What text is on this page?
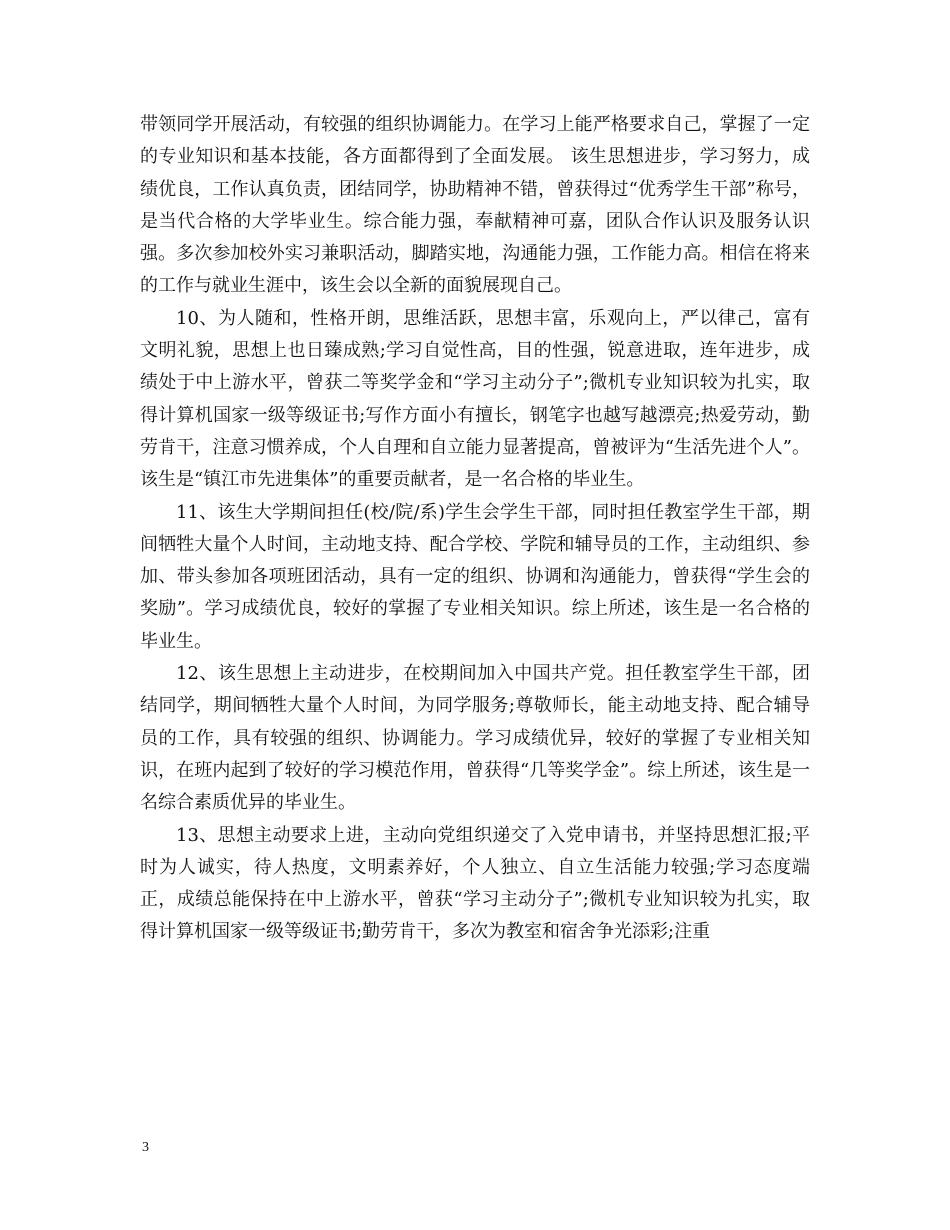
带领同学开展活动，有较强的组织协调能力。在学习上能严格要求自己，掌握了一定的专业知识和基本技能，各方面都得到了全面发展。 该生思想进步，学习努力，成绩优良，工作认真负责，团结同学，协助精神不错，曾获得过“优秀学生干部”称号，是当代合格的大学毕业生。综合能力强，奉献精神可嘉，团队合作认识及服务认识强。多次参加校外实习兼职活动，脚踏实地，沟通能力强，工作能力高。相信在将来的工作与就业生涯中，该生会以全新的面貌展现自己。

10、为人随和，性格开朗，思维活跃，思想丰富，乐观向上，严以律己，富有文明礼貌，思想上也日臻成熟;学习自觉性高，目的性强，锐意进取，连年进步，成绩处于中上游水平，曾获二等奖学金和“学习主动分子”;微机专业知识较为扎实，取得计算机国家一级等级证书;写作方面小有擅长，钢笔字也越写越漂亮;热爱劳动，勤劳肯干，注意习惯养成，个人自理和自立能力显著提高，曾被评为“生活先进个人”。该生是“镇江市先进集体”的重要贡献者，是一名合格的毕业生。

11、该生大学期间担任(校/院/系)学生会学生干部，同时担任教室学生干部，期间牺牲大量个人时间，主动地支持、配合学校、学院和辅导员的工作，主动组织、参加、带头参加各项班团活动，具有一定的组织、协调和沟通能力，曾获得“学生会的奖励”。学习成绩优良，较好的掌握了专业相关知识。综上所述，该生是一名合格的毕业生。

12、该生思想上主动进步，在校期间加入中国共产党。担任教室学生干部，团结同学，期间牺牲大量个人时间，为同学服务;尊敬师长，能主动地支持、配合辅导员的工作，具有较强的组织、协调能力。学习成绩优异，较好的掌握了专业相关知识，在班内起到了较好的学习模范作用，曾获得“几等奖学金”。综上所述，该生是一名综合素质优异的毕业生。

13、思想主动要求上进，主动向党组织递交了入党申请书，并坚持思想汇报;平时为人诚实，待人热度，文明素养好，个人独立、自立生活能力较强;学习态度端正，成绩总能保持在中上游水平，曾获“学习主动分子”;微机专业知识较为扎实，取得计算机国家一级等级证书;勤劳肯干，多次为教室和宿舍争光添彩;注重

3
